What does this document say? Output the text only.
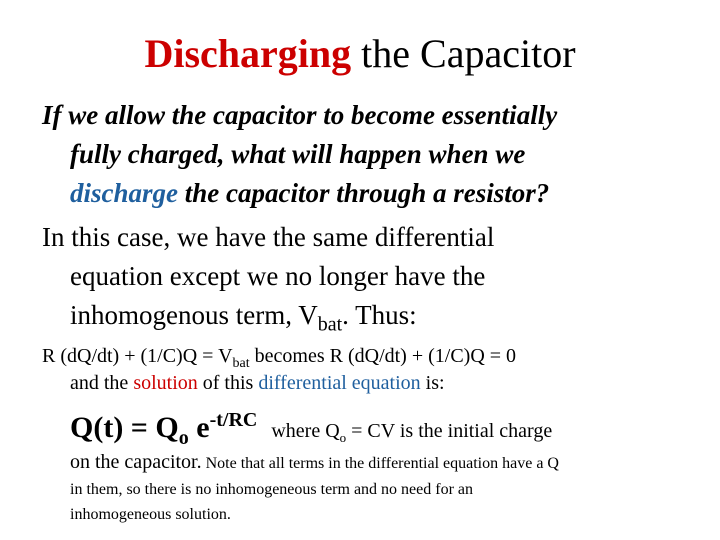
Discharging the Capacitor
If we allow the capacitor to become essentially
fully charged, what will happen when we
discharge the capacitor through a resistor?
In this case, we have the same differential
equation except we no longer have the
inhomogenous term, $V_{bat}$. Thus:
R $(dQ/dt) + (1/C)Q = V_{bat}$ becomes R (dQ/dt) + (1/C)Q = 0
and the solution of this differential equation is:
$Q(t) = Q_o$ $e^{-t/RC}$ where $Q_o$ = CV is the initial charge
on the capacitor. Note that all terms in the differential equation have a Q
in them, so there is no inhomogeneous term and no need for an
inhomogeneous solution.
